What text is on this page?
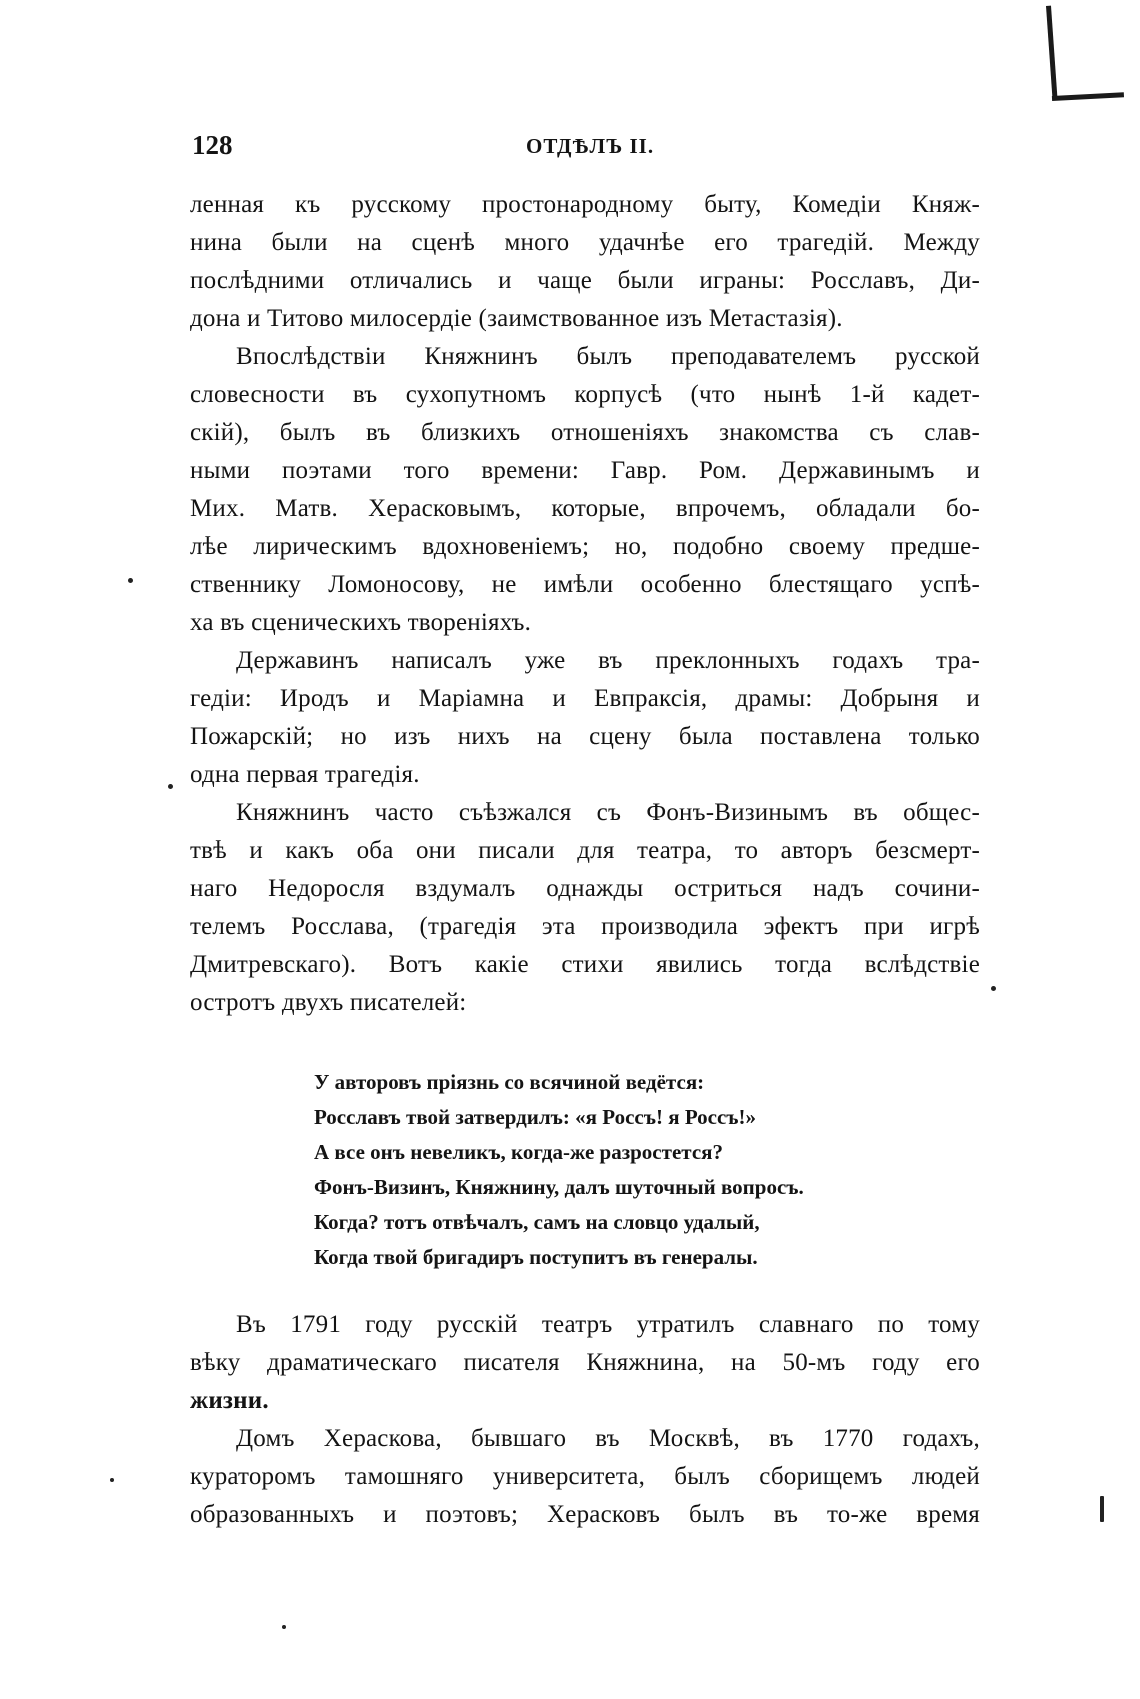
128	ОТДѢЛЪ II.
ленная къ русскому простонародному быту, Комедіи Княж-
нина были на сценѣ много удачнѣе его трагедій. Между
послѣдними отличались и чаще были играны: Росславъ, Ди-
дона и Титово милосердіе (заимствованное изъ Метастазія).
Впослѣдствіи Княжнинъ былъ преподавателемъ русской
словесности въ сухопутномъ корпусѣ (что нынѣ 1-й кадет-
скій), былъ въ близкихъ отношеніяхъ знакомства съ слав-
ными поэтами того времени: Гавр. Ром. Державинымъ и
Мих. Матв. Херасковымъ, которые, впрочемъ, обладали бо-
лѣе лирическимъ вдохновеніемъ; но, подобно своему предше-
ственнику Ломоносову, не имѣли особенно блестящаго успѣ-
ха въ сценическихъ твореніяхъ.
Державинъ написалъ уже въ преклонныхъ годахъ тра-
гедіи: Иродъ и Маріамна и Евпраксія, драмы: Добрыня и
Пожарскій; но изъ нихъ на сцену была поставлена только
одна первая трагедія.
Княжнинъ часто съѣзжался съ Фонъ-Визинымъ въ общес-
твѣ и какъ оба они писали для театра, то авторъ безсмерт-
наго Недоросля вздумалъ однажды остриться надъ сочини-
телемъ Росслава, (трагедія эта производила эфектъ при игрѣ
Дмитревскаго). Вотъ какіе стихи явились тогда вслѣдствіе
остротъ двухъ писателей:
У авторовъ пріязнь со всячиной ведётся:
Росславъ твой затвердилъ: «я Россъ! я Россъ!»
А все онъ невеликъ, когда-же разростется?
Фонъ-Визинъ, Княжнину, далъ шуточный вопросъ.
Когда? тотъ отвѣчалъ, самъ на словцо удалый,
Когда твой бригадиръ поступитъ въ генералы.
Въ 1791 году русскій театръ утратилъ славнаго по тому
вѣку драматическаго писателя Княжнина, на 50-мъ году его
жизни.
Домъ Хераскова, бывшаго въ Москвѣ, въ 1770 годахъ,
кураторомъ тамошняго университета, былъ сборищемъ людей
образованныхъ и поэтовъ; Херасковъ былъ въ то-же время
